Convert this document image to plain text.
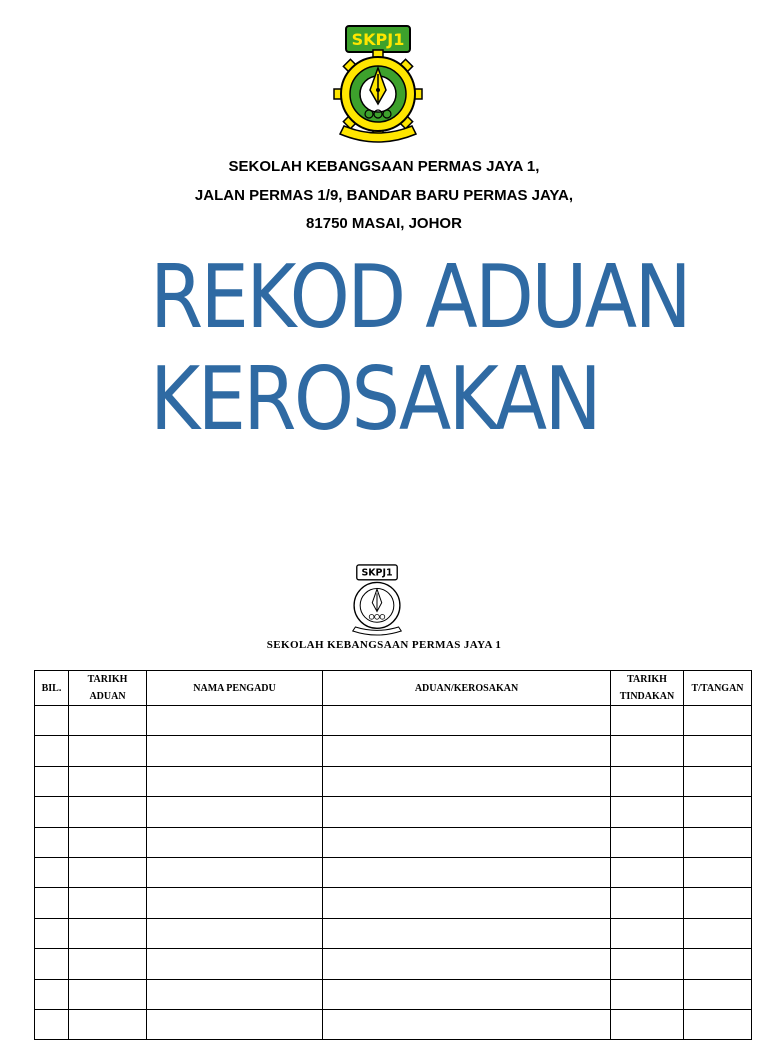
SKPJ1
SEKOLAH KEBANGSAAN PERMAS JAYA 1,
JALAN PERMAS 1/9, BANDAR BARU PERMAS JAYA,
81750 MASAI, JOHOR
REKOD ADUAN
KEROSAKAN
SKPJ1
SEKOLAH KEBANGSAAN PERMAS JAYA 1
BIL.	TARIKH ADUAN	NAMA PENGADU	ADUAN/KEROSAKAN	TARIKH TINDAKAN	T/TANGAN
